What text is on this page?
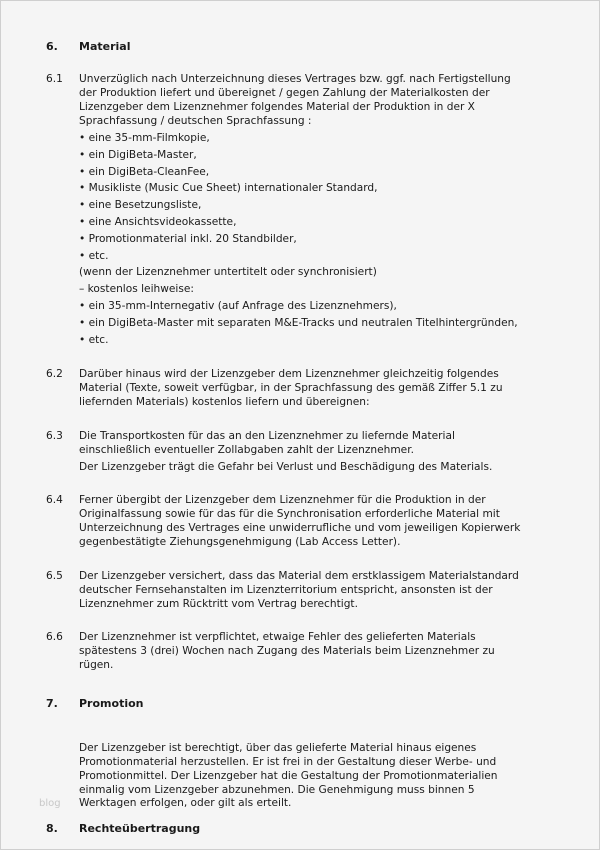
blog
6. Material
6.1 Unverzüglich nach Unterzeichnung dieses Vertrages bzw. ggf. nach Fertigstellung
der Produktion liefert und übereignet / gegen Zahlung der Materialkosten der
Lizenzgeber dem Lizenznehmer folgendes Material der Produktion in der X
Sprachfassung / deutschen Sprachfassung :
• eine 35-mm-Filmkopie,
• ein DigiBeta-Master,
• ein DigiBeta-CleanFee,
• Musikliste (Music Cue Sheet) internationaler Standard,
• eine Besetzungsliste,
• eine Ansichtsvideokassette,
• Promotionmaterial inkl. 20 Standbilder,
• etc.
(wenn der Lizenznehmer untertitelt oder synchronisiert)
– kostenlos leihweise:
• ein 35-mm-Internegativ (auf Anfrage des Lizenznehmers),
• ein DigiBeta-Master mit separaten M&E-Tracks und neutralen Titelhintergründen,
• etc.
6.2 Darüber hinaus wird der Lizenzgeber dem Lizenznehmer gleichzeitig folgendes
Material (Texte, soweit verfügbar, in der Sprachfassung des gemäß Ziffer 5.1 zu
liefernden Materials) kostenlos liefern und übereignen:
6.3 Die Transportkosten für das an den Lizenznehmer zu liefernde Material
einschließlich eventueller Zollabgaben zahlt der Lizenznehmer.
Der Lizenzgeber trägt die Gefahr bei Verlust und Beschädigung des Materials.
6.4 Ferner übergibt der Lizenzgeber dem Lizenznehmer für die Produktion in der
Originalfassung sowie für das für die Synchronisation erforderliche Material mit
Unterzeichnung des Vertrages eine unwiderrufliche und vom jeweiligen Kopierwerk
gegenbestätigte Ziehungsgenehmigung (Lab Access Letter).
6.5 Der Lizenzgeber versichert, dass das Material dem erstklassigem Materialstandard
deutscher Fernsehanstalten im Lizenzterritorium entspricht, ansonsten ist der
Lizenznehmer zum Rücktritt vom Vertrag berechtigt.
6.6 Der Lizenznehmer ist verpflichtet, etwaige Fehler des gelieferten Materials
spätestens 3 (drei) Wochen nach Zugang des Materials beim Lizenznehmer zu
rügen.
7. Promotion
Der Lizenzgeber ist berechtigt, über das gelieferte Material hinaus eigenes
Promotionmaterial herzustellen. Er ist frei in der Gestaltung dieser Werbe- und
Promotionmittel. Der Lizenzgeber hat die Gestaltung der Promotionmaterialien
einmalig vom Lizenzgeber abzunehmen. Die Genehmigung muss binnen 5
Werktagen erfolgen, oder gilt als erteilt.
8. Rechteübertragung
